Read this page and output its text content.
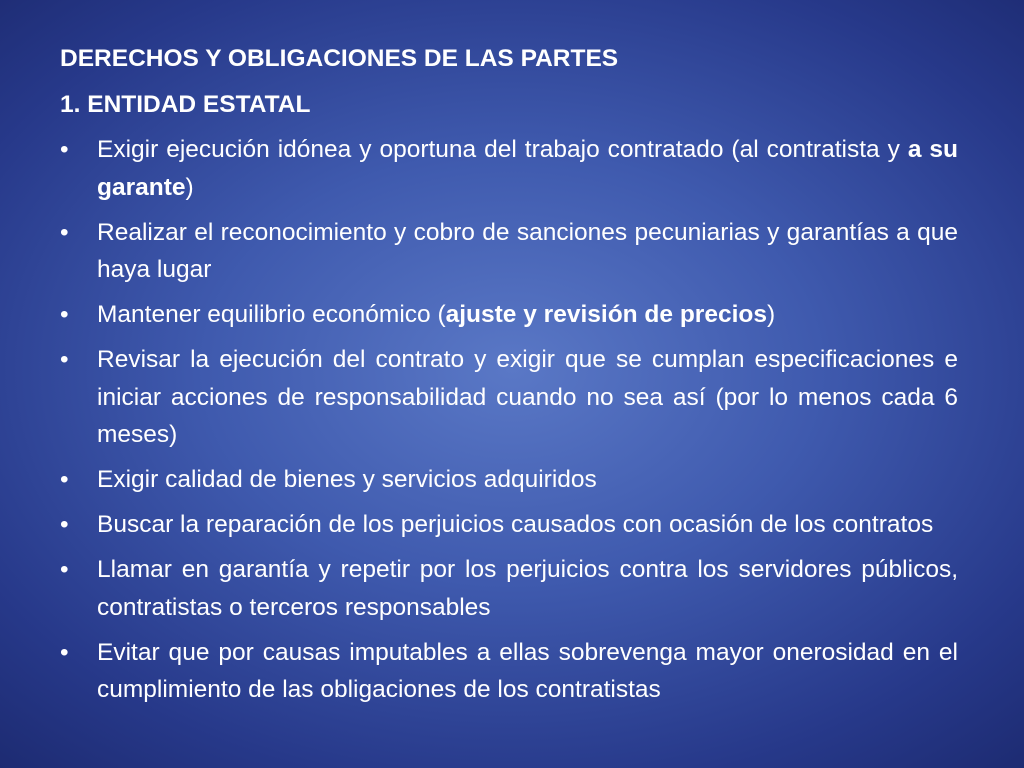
DERECHOS Y OBLIGACIONES DE LAS PARTES
1. ENTIDAD ESTATAL
•	Exigir ejecución idónea y oportuna del trabajo contratado (al contratista y a su garante)
•	Realizar el reconocimiento y cobro de sanciones pecuniarias y garantías a que haya lugar
•	Mantener equilibrio económico (ajuste y revisión de precios)
•	Revisar la ejecución del contrato y exigir que se cumplan especificaciones e iniciar acciones de responsabilidad cuando no sea así (por lo menos cada 6 meses)
•	Exigir calidad de bienes y servicios adquiridos
•	Buscar la reparación de los perjuicios causados con ocasión de los contratos
•	Llamar en garantía y repetir por los perjuicios contra los servidores públicos, contratistas o terceros responsables
•	Evitar que por causas imputables a ellas sobrevenga mayor onerosidad en el cumplimiento de las obligaciones de los contratistas
